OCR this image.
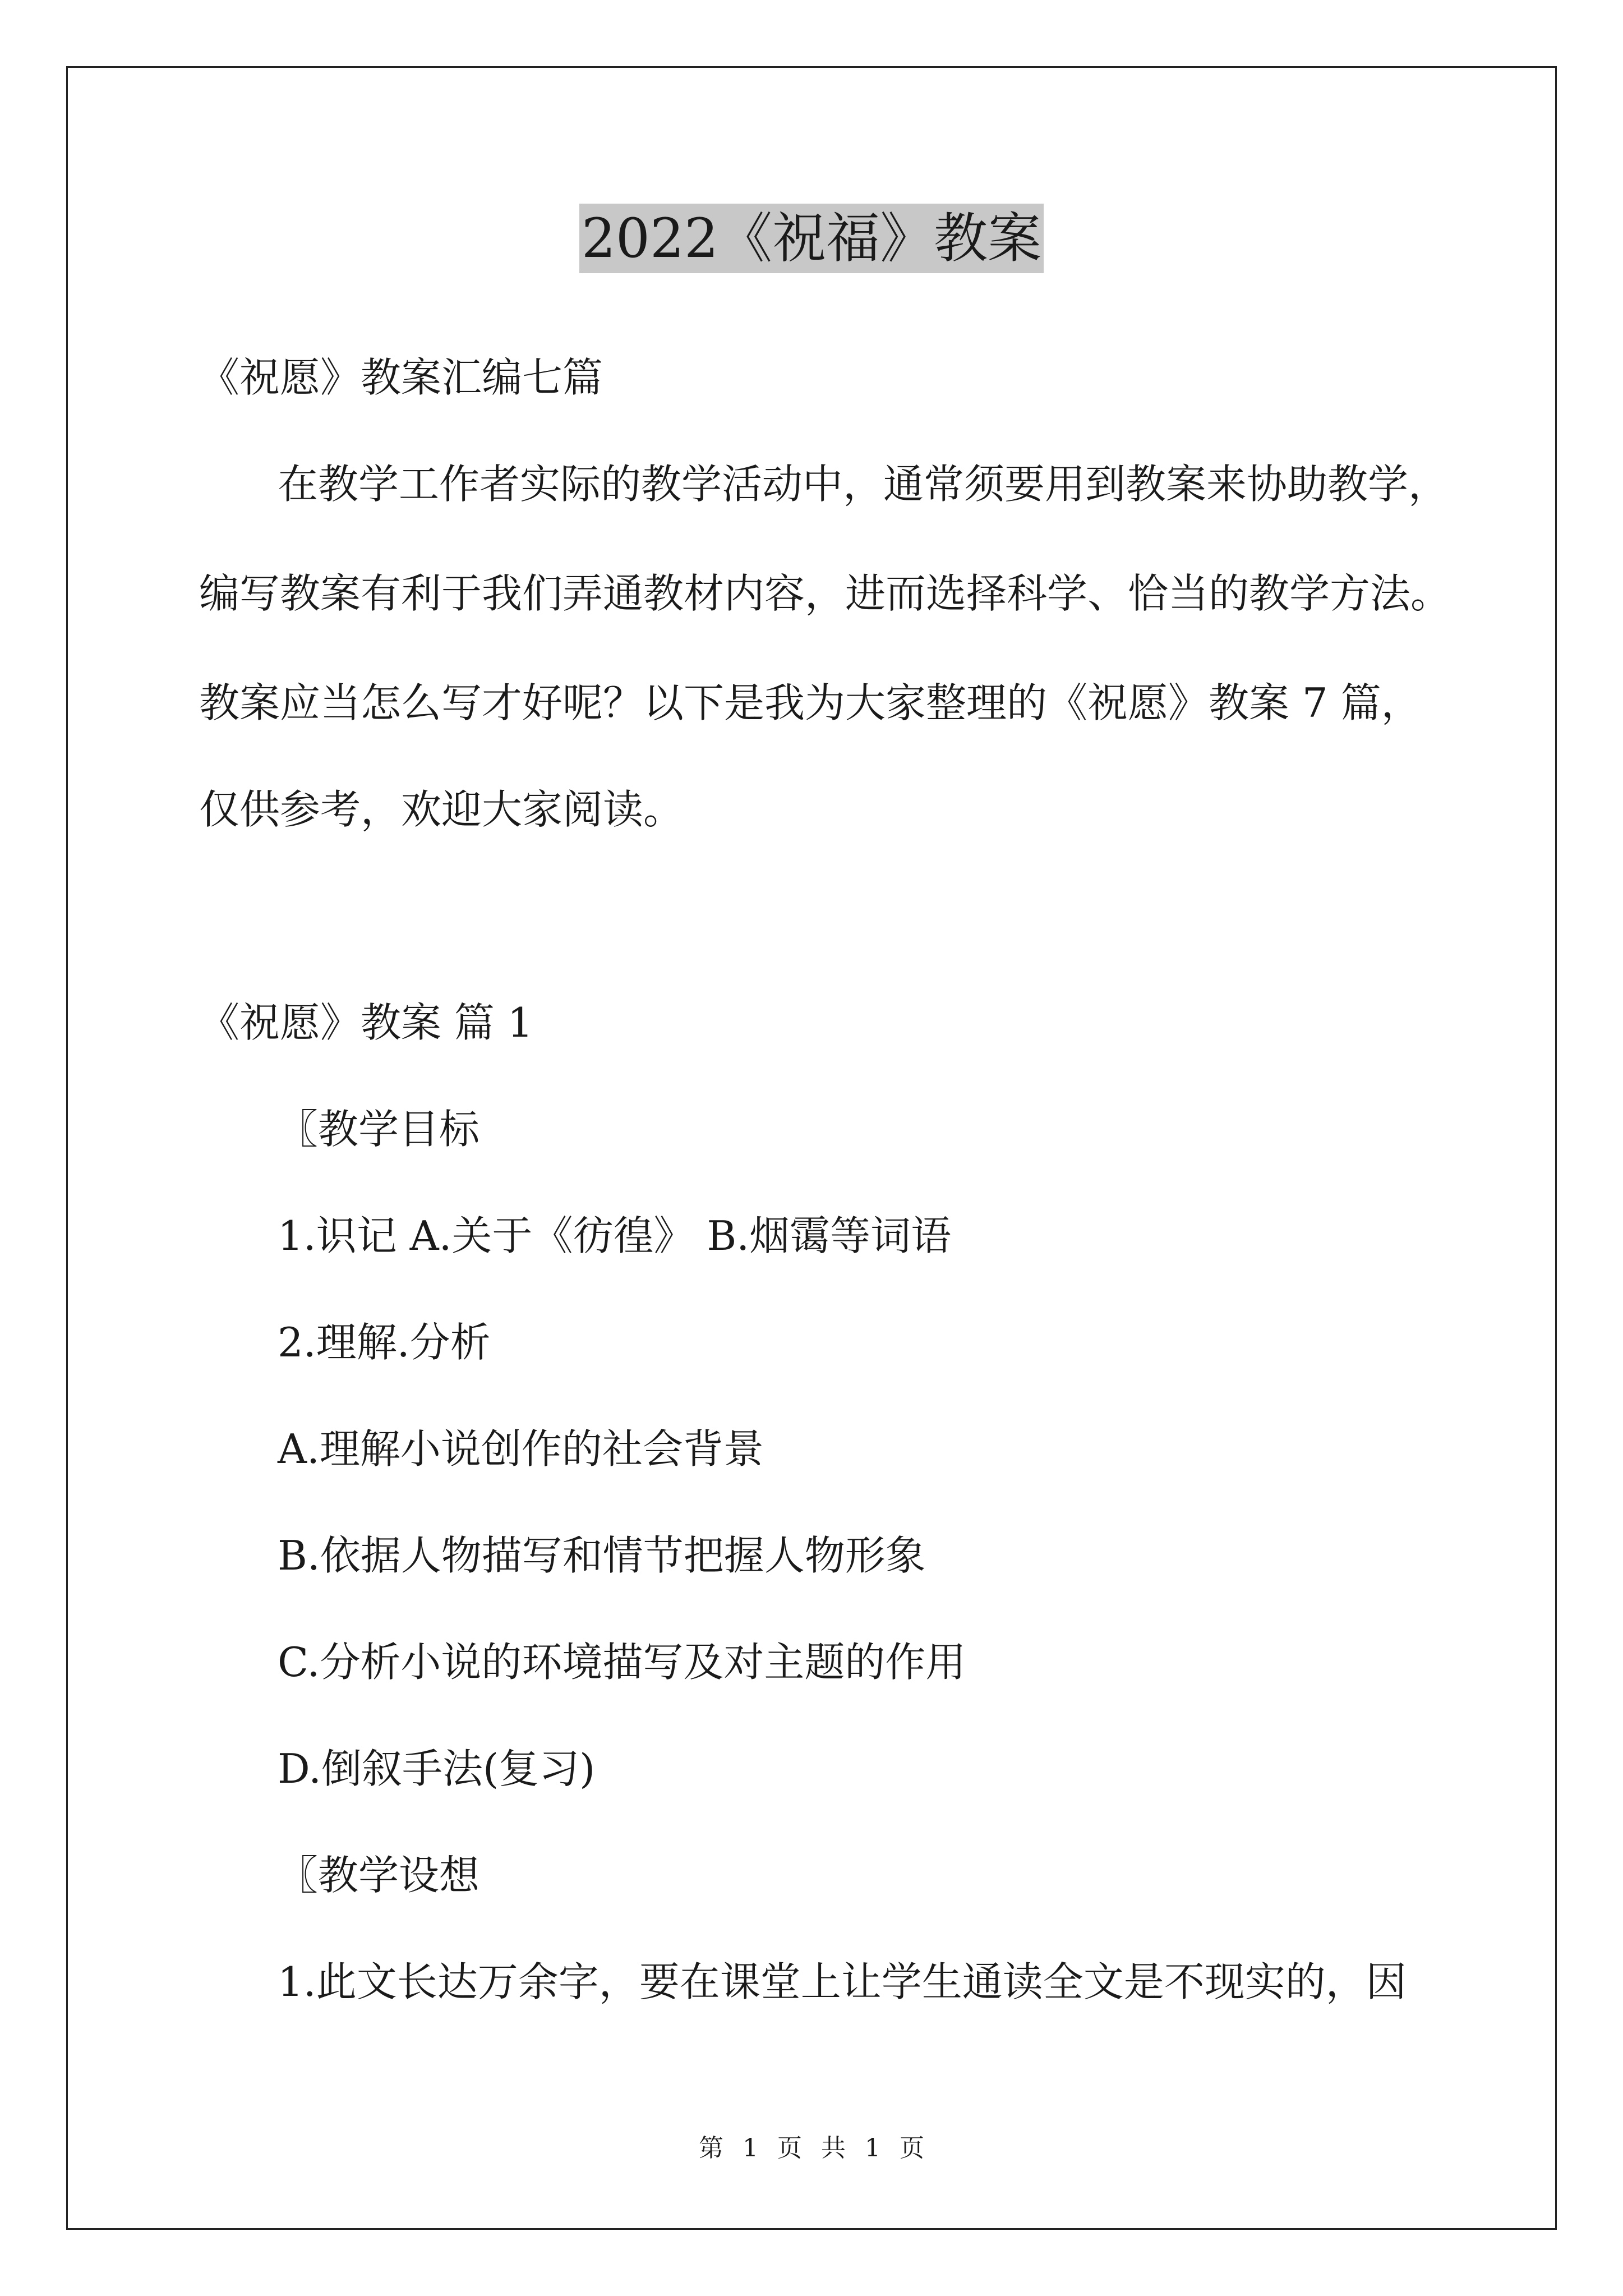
2022《祝福》教案
《祝愿》教案汇编七篇
在教学工作者实际的教学活动中，通常须要用到教案来协助教学，
编写教案有利于我们弄通教材内容，进而选择科学、恰当的教学方法。
教案应当怎么写才好呢？以下是我为大家整理的《祝愿》教案 7 篇，
仅供参考，欢迎大家阅读。
《祝愿》教案 篇 1
〖教学目标
1.识记 A.关于《彷徨》 B.烟霭等词语
2.理解.分析
A.理解小说创作的社会背景
B.依据人物描写和情节把握人物形象
C.分析小说的环境描写及对主题的作用
D.倒叙手法(复习)
〖教学设想
1.此文长达万余字，要在课堂上让学生通读全文是不现实的，因
第 1 页 共 1 页
